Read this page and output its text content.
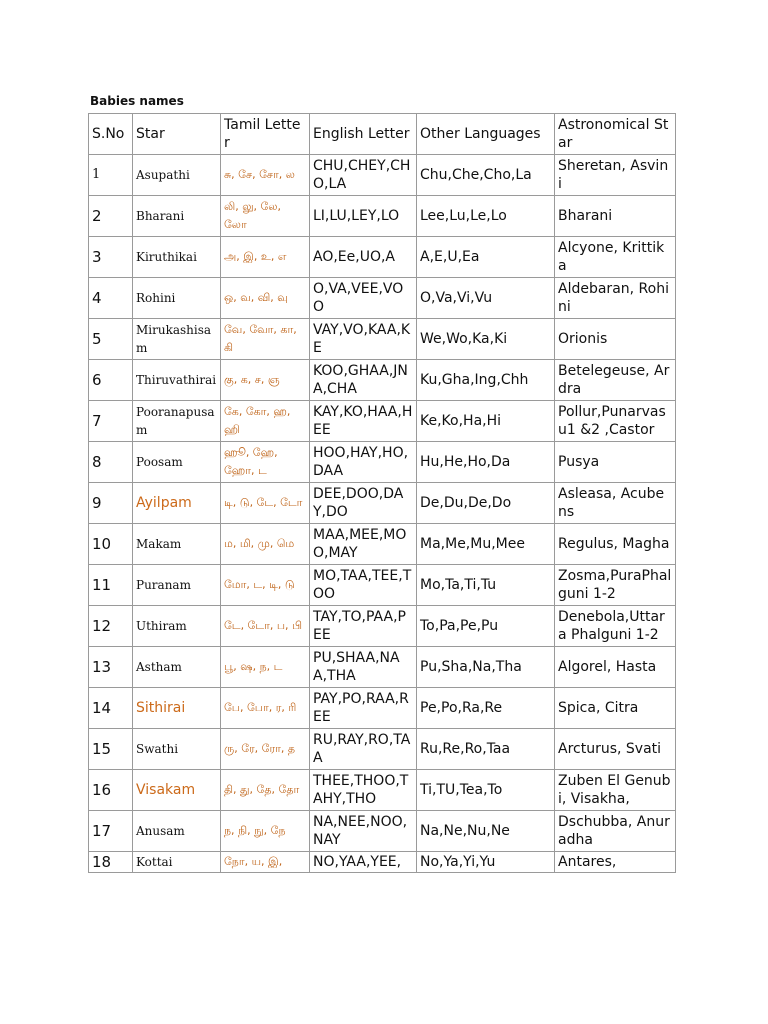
Babies names
S.No	Star	Tamil Letter	English Letter	Other Languages	Astronomical Star
1	Asupathi	சு, சே, சோ, ல	CHU,CHEY,CHO,LA	Chu,Che,Cho,La	Sheretan, Asvini
2	Bharani	லி, லு, லே, லோ	LI,LU,LEY,LO	Lee,Lu,Le,Lo	Bharani
3	Kiruthikai	அ, இ, உ, எ	AO,Ee,UO,A	A,E,U,Ea	Alcyone, Krittika
4	Rohini	ஒ, வ, வி, வு	O,VA,VEE,VOO	O,Va,Vi,Vu	Aldebaran, Rohini
5	Mirukashisam	வே, வோ, கா, கி	VAY,VO,KAA,KE	We,Wo,Ka,Ki	Orionis
6	Thiruvathirai	கு, க, ச, ஞ	KOO,GHAA,JNA,CHA	Ku,Gha,Ing,Chh	Betelegeuse, Ardra
7	Pooranapusam	கே, கோ, ஹ, ஹி	KAY,KO,HAA,HEE	Ke,Ko,Ha,Hi	Pollur,Punarvasu1 &2 ,Castor
8	Poosam	ஹூ, ஹே, ஹோ, ட	HOO,HAY,HO,DAA	Hu,He,Ho,Da	Pusya
9	Ayilpam	டி, டு, டே, டோ	DEE,DOO,DAY,DO	De,Du,De,Do	Asleasa, Acubens
10	Makam	ம, மி, மு, மெ	MAA,MEE,MOO,MAY	Ma,Me,Mu,Mee	Regulus, Magha
11	Puranam	மோ, ட, டி, டு	MO,TAA,TEE,TOO	Mo,Ta,Ti,Tu	Zosma,PuraPhalguni 1-2
12	Uthiram	டே, டோ, ப, பி	TAY,TO,PAA,PEE	To,Pa,Pe,Pu	Denebola,Uttara Phalguni 1-2
13	Astham	பூ, ஷ, ந, ட	PU,SHAA,NAA,THA	Pu,Sha,Na,Tha	Algorel, Hasta
14	Sithirai	பே, போ, ர, ரி	PAY,PO,RAA,REE	Pe,Po,Ra,Re	Spica, Citra
15	Swathi	ரு, ரே, ரோ, த	RU,RAY,RO,TAA	Ru,Re,Ro,Taa	Arcturus, Svati
16	Visakam	தி, து, தே, தோ	THEE,THOO,TAHY,THO	Ti,TU,Tea,To	Zuben El Genubi, Visakha,
17	Anusam	ந, நி, நு, நே	NA,NEE,NOO,NAY	Na,Ne,Nu,Ne	Dschubba, Anuradha
18	Kottai	நோ, ய, இ,	NO,YAA,YEE,	No,Ya,Yi,Yu	Antares,
